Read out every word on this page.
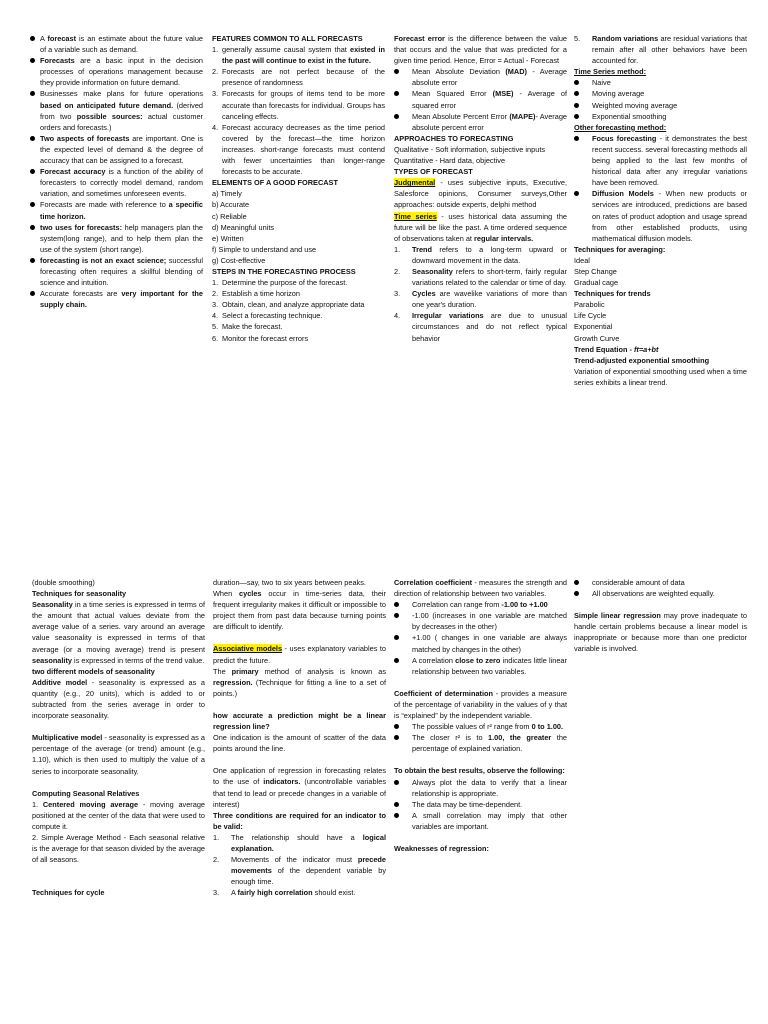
A forecast is an estimate about the future value of a variable such as demand.
Forecasts are a basic input in the decision processes of operations management because they provide information on future demand.
Businesses make plans for future operations based on anticipated future demand. (derived from two possible sources: actual customer orders and forecasts.)
Two aspects of forecasts are important. One is the expected level of demand & the degree of accuracy that can be assigned to a forecast.
Forecast accuracy is a function of the ability of forecasters to correctly model demand, random variation, and sometimes unforeseen events.
Forecasts are made with reference to a specific time horizon.
two uses for forecasts: help managers plan the system(long range), and to help them plan the use of the system (short range).
forecasting is not an exact science; successful forecasting often requires a skillful blending of science and intuition.
Accurate forecasts are very important for the supply chain.

FEATURES COMMON TO ALL FORECASTS

1. generally assume causal system that existed in the past will continue to exist in the future.
2. Forecasts are not perfect because of the presence of randomness
3. Forecasts for groups of items tend to be more accurate than forecasts for individual. Groups has canceling effects.
4. Forecast accuracy decreases as the time period covered by the forecast—the time horizon increases. short-range forecasts must contend with fewer uncertainties than longer-range forecasts to be accurate.

ELEMENTS OF A GOOD FORECAST

a) Timely

b) Accurate

c) Reliable

d) Meaningful units

e) Written

f) Simple to understand and use

g) Cost-effective

STEPS IN THE FORECASTING PROCESS

1. Determine the purpose of the forecast.
2. Establish a time horizon
3. Obtain, clean, and analyze appropriate data
4. Select a forecasting technique.
5. Make the forecast.
6. Monitor the forecast errors

Forecast error is the difference between the value that occurs and the value that was predicted for a given time period. Hence, Error = Actual - Forecast

Mean Absolute Deviation (MAD) - Average absolute error
Mean Squared Error (MSE) - Average of squared error
Mean Absolute Percent Error (MAPE)- Average absolute percent error

APPROACHES TO FORECASTING

Qualitative - Soft information, subjective inputs

Quantitative - Hard data, objective

TYPES OF FORECAST

Judgmental - uses subjective inputs, Executive, Salesforce opinions, Consumer surveys,Other approaches: outside experts, delphi method

Time series - uses historical data assuming the future will be like the past. A time ordered sequence of observations taken at regular intervals.

1.	Trend refers to a long-term upward or downward movement in the data.
2.	Seasonality refers to short-term, fairly regular variations related to the calendar or time of day.
3.	Cycles are wavelike variations of more than one year's duration.
4.	Irregular variations are due to unusual circumstances and do not reflect typical behavior
5.	Random variations are residual variations that remain after all other behaviors have been accounted for.

Time Series method:

Naive
Moving average
Weighted moving average
Exponential smoothing

Other forecasting method:

Focus forecasting - it demonstrates the best recent success. several forecasting methods all being applied to the last few months of historical data after any irregular variations have been removed.
Diffusion Models - When new products or services are introduced, predictions are based on rates of product adoption and usage spread from other established products, using mathematical diffusion models.

Techniques for averaging:

Ideal

Step Change

Gradual cage

Techniques for trends

Parabolic

Life Cycle

Exponential

Growth Curve

Trend Equation - ft=a+bt

Trend-adjusted exponential smoothing

Variation of exponential smoothing used when a time series exhibits a linear trend.

(double smoothing)

Techniques for seasonality

Seasonality in a time series is expressed in terms of the amount that actual values deviate from the average value of a series. vary around an average value seasonality is expressed in terms of that average (or a moving average) trend is present seasonality is expressed in terms of the trend value.

two different models of seasonality

Additive model - seasonality is expressed as a quantity (e.g., 20 units), which is added to or subtracted from the series average in order to incorporate seasonality.

Multiplicative model - seasonality is expressed as a percentage of the average (or trend) amount (e.g., 1.10), which is then used to multiply the value of a series to incorporate seasonality.

Computing Seasonal Relatives

1. Centered moving average - moving average positioned at the center of the data that were used to compute it.

2. Simple Average Method - Each seasonal relative is the average for that season divided by the average of all seasons.

Techniques for cycle

duration—say, two to six years between peaks.

When cycles occur in time-series data, their frequent irregularity makes it difficult or impossible to project them from past data because turning points are difficult to identify.

Associative models - uses explanatory variables to predict the future.

The primary method of analysis is known as regression. (Technique for fitting a line to a set of points.)

how accurate a prediction might be a linear regression line?

One indication is the amount of scatter of the data points around the line.

One application of regression in forecasting relates to the use of indicators. (uncontrollable variables that tend to lead or precede changes in a variable of interest)

Three conditions are required for an indicator to be valid:

1.	The relationship should have a logical explanation.
2.	Movements of the indicator must precede movements of the dependent variable by enough time.
3.	A fairly high correlation should exist.

Correlation coefficient - measures the strength and direction of relationship between two variables.

Correlation can range from -1.00 to +1.00
-1.00 (increases in one variable are matched by decreases in the other)
+1.00 ( changes in one variable are always matched by changes in the other)
A correlation close to zero indicates little linear relationship between two variables.

Coefficient of determination - provides a measure of the percentage of variability in the values of y that is “explained” by the independent variable.

The possible values of r² range from 0 to 1.00.
The closer r² is to 1.00, the greater the percentage of explained variation.

To obtain the best results, observe the following:

Always plot the data to verify that a linear relationship is appropriate.
The data may be time-dependent.
A small correlation may imply that other variables are important.

Weaknesses of regression:

considerable amount of data
All observations are weighted equally.

Simple linear regression may prove inadequate to handle certain problems because a linear model is inappropriate or because more than one predictor variable is involved.
